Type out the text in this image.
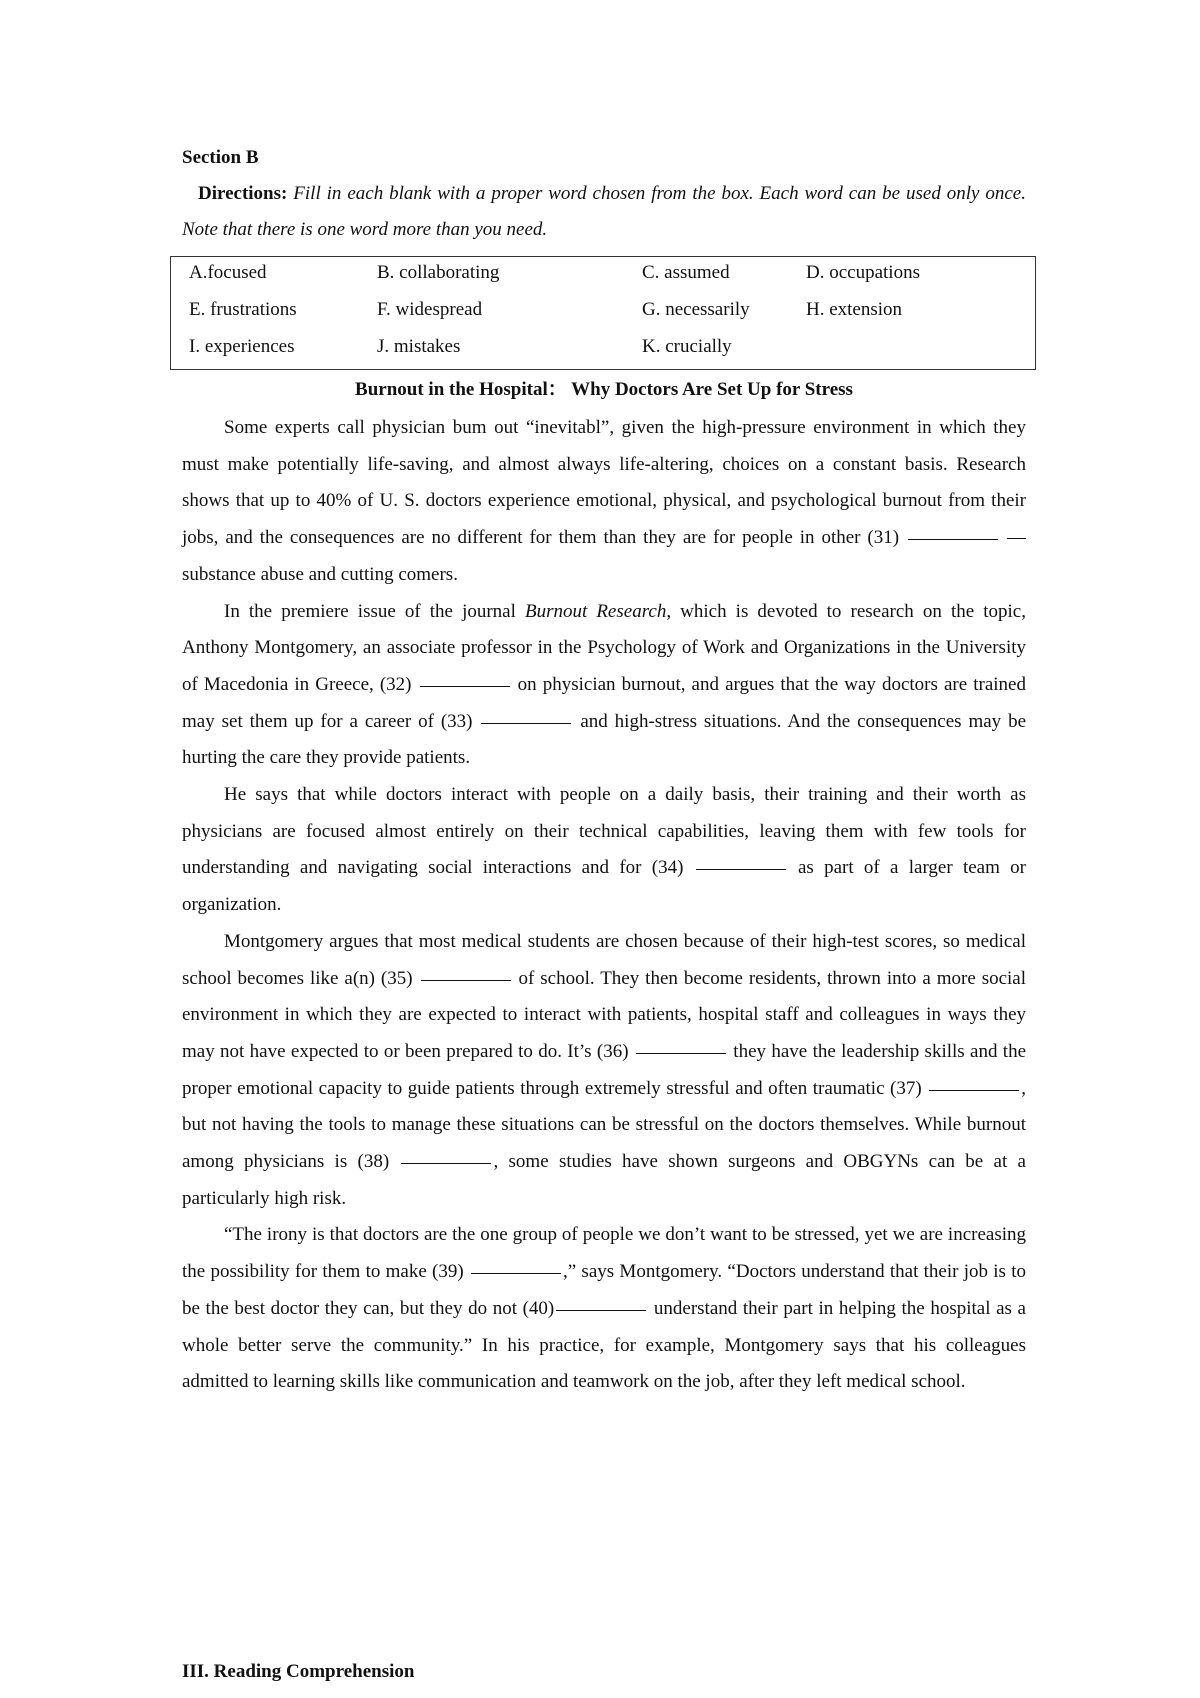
Section B

Directions: Fill in each blank with a proper word chosen from the box. Each word can be used only once. Note that there is one word more than you need.

A.focused	B. collaborating	C. assumed	D. occupations
E. frustrations	F. widespread	G. necessarily	H. extension
I. experiences	J. mistakes	K. crucially

Burnout in the Hospital： Why Doctors Are Set Up for Stress

Some experts call physician bum out “inevitabl”, given the high-pressure environment in which they must make potentially life-saving, and almost always life-altering, choices on a constant basis. Research shows that up to 40% of U. S. doctors experience emotional, physical, and psychological burnout from their jobs, and the consequences are no different for them than they are for people in other (31)	— substance abuse and cutting comers.

In the premiere issue of the journal Burnout Research, which is devoted to research on the topic, Anthony Montgomery, an associate professor in the Psychology of Work and Organizations in the University of Macedonia in Greece, (32)	on physician burnout, and argues that the way doctors are trained may set them up for a career of (33)	and high-stress situations. And the consequences may be hurting the care they provide patients.

He says that while doctors interact with people on a daily basis, their training and their worth as physicians are focused almost entirely on their technical capabilities, leaving them with few tools for understanding and navigating social interactions and for (34)	as part of a larger team or organization.

Montgomery argues that most medical students are chosen because of their high-test scores, so medical school becomes like a(n) (35)	of school. They then become residents, thrown into a more social environment in which they are expected to interact with patients, hospital staff and colleagues in ways they may not have expected to or been prepared to do. It’s (36)	they have the leadership skills and the proper emotional capacity to guide patients through extremely stressful and often traumatic (37)	, but not having the tools to manage these situations can be stressful on the doctors themselves. While burnout among physicians is (38)	, some studies have shown surgeons and OBGYNs can be at a particularly high risk.

“The irony is that doctors are the one group of people we don’t want to be stressed, yet we are increasing the possibility for them to make (39)	,” says Montgomery. “Doctors understand that their job is to be the best doctor they can, but they do not (40)	understand their part in helping the hospital as a whole better serve the community.” In his practice, for example, Montgomery says that his colleagues admitted to learning skills like communication and teamwork on the job, after they left medical school.

III. Reading Comprehension
